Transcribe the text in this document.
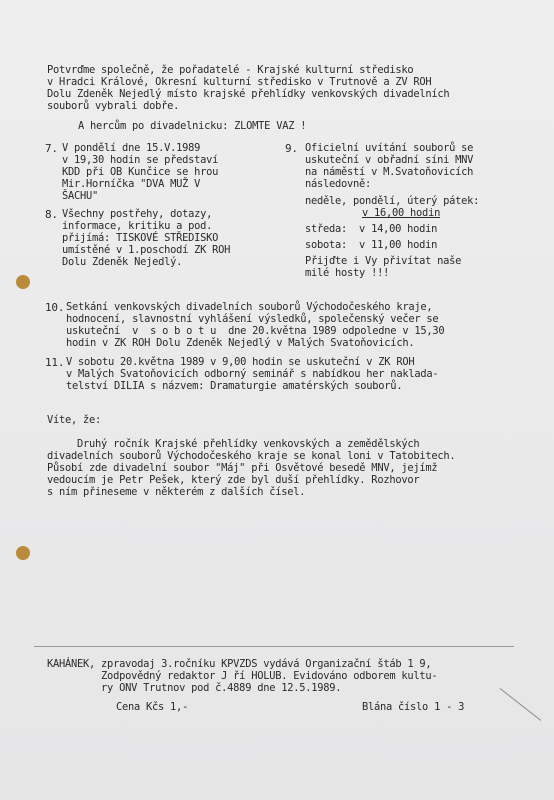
Potvrďme společně, že pořadatelé - Krajské kulturní středisko
v Hradci Králové, Okresní kulturní středisko v Trutnově a ZV ROH
Dolu Zdeněk Nejedlý místo krajské přehlídky venkovských divadelních
souborů vybrali dobře.
A hercům po divadelnicku: ZLOMTE VAZ !
7. V pondělí dne 15.V.1989
v 19,30 hodin se představí
KDD při OB Kunčice se hrou
Mir.Horníčka "DVA MUŽ V
ŠACHU"
8. Všechny postřehy, dotazy,
informace, kritiku a pod.
přijímá: TISKOVÉ STŘEDISKO
umístěné v 1.poschodí ZK ROH
Dolu Zdeněk Nejedlý.
9. Oficielní uvítání souborů se
uskuteční v obřadní síni MNV
na náměstí v M.Svatoňovicích
následovně:
neděle, pondělí, úterý pátek:
v 16,00 hodin
středa:  v 14,00 hodin
sobota:  v 11,00 hodin
Přijďte i Vy přivítat naše
milé hosty !!!
10. Setkání venkovských divadelních souborů Východočeského kraje,
hodnocení, slavnostní vyhlášení výsledků, společenský večer se
uskuteční  v  s o b o t u  dne 20.května 1989 odpoledne v 15,30
hodin v ZK ROH Dolu Zdeněk Nejedlý v Malých Svatoňovicích.
11. V sobotu 20.května 1989 v 9,00 hodin se uskuteční v ZK ROH
v Malých Svatoňovicích odborný seminář s nabídkou her naklada-
telství DILIA s názvem: Dramaturgie amatérských souborů.
Víte, že:
Druhý ročník Krajské přehlídky venkovských a zemědělských
divadelních souborů Východočeského kraje se konal loni v Tatobitech.
Působí zde divadelní soubor "Máj" při Osvětové besedě MNV, jejímž
vedoucím je Petr Pešek, který zde byl duší přehlídky. Rozhovor
s ním přineseme v některém z dalších čísel.
KAHÁNEK, zpravodaj 3.ročníku KPVZDS vydává Organizační štáb 1 9,
Zodpovědný redaktor J ří HOLUB. Evidováno odborem kultu-
ry ONV Trutnov pod č.4889 dne 12.5.1989.
Cena Kčs 1,-	Blána číslo 1 - 3
